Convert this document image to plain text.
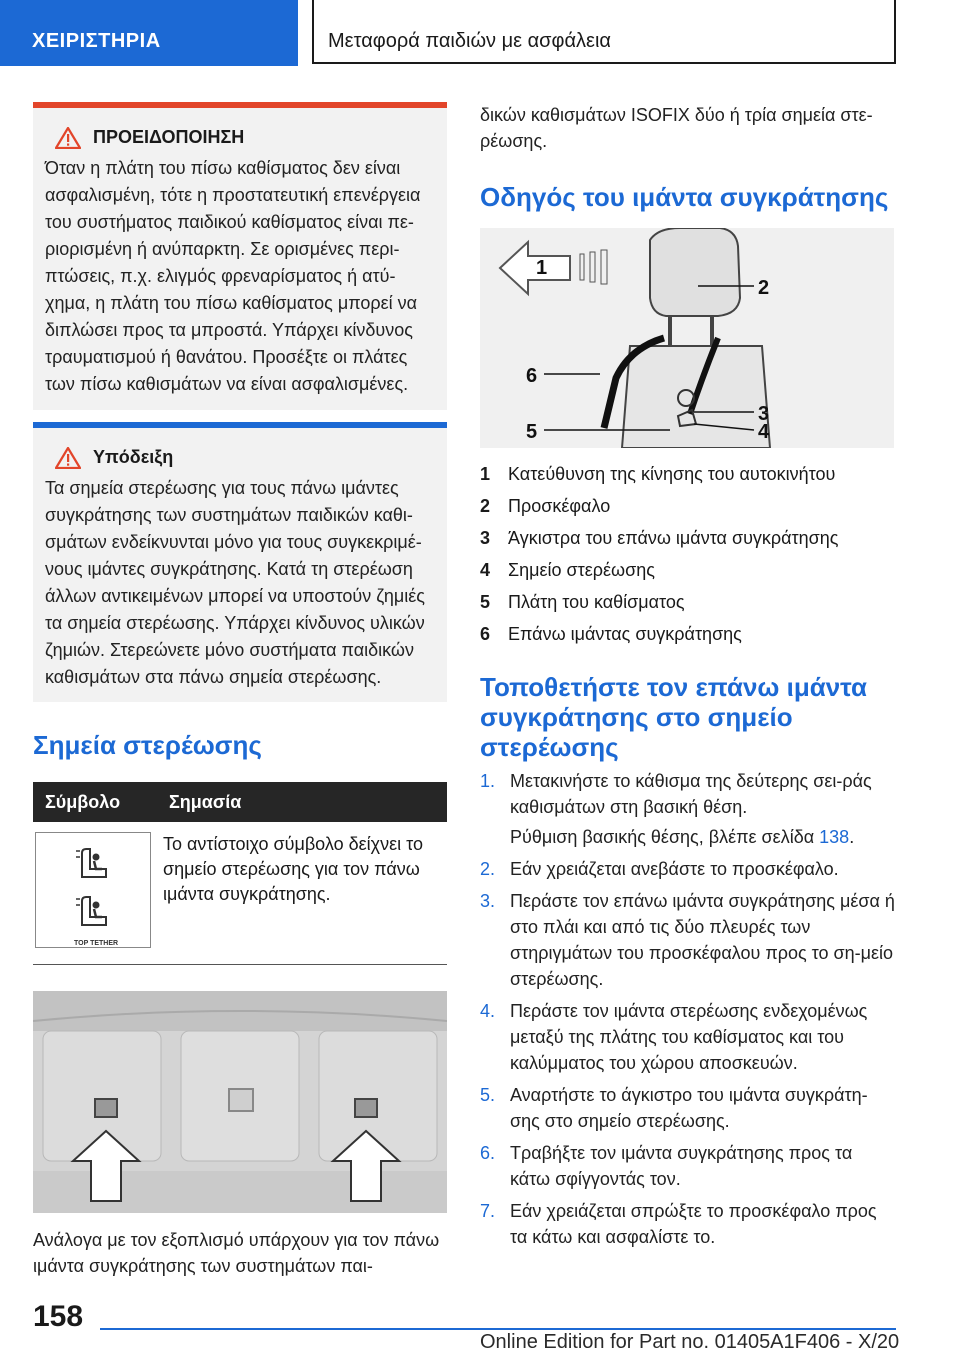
ΧΕΙΡΙΣΤΗΡΙΑ	Μεταφορά παιδιών με ασφάλεια
ΠΡΟΕΙΔΟΠΟΙΗΣΗ

Όταν η πλάτη του πίσω καθίσματος δεν είναι ασφαλισμένη, τότε η προστατευτική επενέργεια του συστήματος παιδικού καθίσματος είναι πε-ριορισμένη ή ανύπαρκτη. Σε ορισμένες περι-πτώσεις, π.χ. ελιγμός φρεναρίσματος ή ατύ-χημα, η πλάτη του πίσω καθίσματος μπορεί να διπλώσει προς τα μπροστά. Υπάρχει κίνδυνος τραυματισμού ή θανάτου. Προσέξτε οι πλάτες των πίσω καθισμάτων να είναι ασφαλισμένες.

Υπόδειξη

Τα σημεία στερέωσης για τους πάνω ιμάντες συγκράτησης των συστημάτων παιδικών καθι-σμάτων ενδείκνυνται μόνο για τους συγκεκριμέ-νους ιμάντες συγκράτησης. Κατά τη στερέωση άλλων αντικειμένων μπορεί να υποστούν ζημιές τα σημεία στερέωσης. Υπάρχει κίνδυνος υλικών ζημιών. Στερεώνετε μόνο συστήματα παιδικών καθισμάτων στα πάνω σημεία στερέωσης.

Σημεία στερέωσης
Σύμβολο	Σημασία

TOP TETHER	Το αντίστοιχο σύμβολο δείχνει το σημείο στερέωσης για τον πάνω ιμάντα συγκράτησης.

Ανάλογα με τον εξοπλισμό υπάρχουν για τον πάνω ιμάντα συγκράτησης των συστημάτων παι-

δικών καθισμάτων ISOFIX δύο ή τρία σημεία στε-ρέωσης.

Οδηγός του ιμάντα συγκράτησης
1
2
3
4
5
6
1 Κατεύθυνση της κίνησης του αυτοκινήτου
2 Προσκέφαλο
3 Άγκιστρα του επάνω ιμάντα συγκράτησης
4 Σημείο στερέωσης
5 Πλάτη του καθίσματος
6 Επάνω ιμάντας συγκράτησης
Τοποθετήστε τον επάνω ιμάντα συγκράτησης στο σημείο στερέωσης
1. Μετακινήστε το κάθισμα της δεύτερης σει-ράς καθισμάτων στη βασική θέση.
Ρύθμιση βασικής θέσης, βλέπε σελίδα 138.
2. Εάν χρειάζεται ανεβάστε το προσκέφαλο.
3. Περάστε τον επάνω ιμάντα συγκράτησης μέσα ή στο πλάι και από τις δύο πλευρές των στηριγμάτων του προσκέφαλου προς το ση-μείο στερέωσης.
4. Περάστε τον ιμάντα στερέωσης ενδεχομένως μεταξύ της πλάτης του καθίσματος και του καλύμματος του χώρου αποσκευών.
5. Αναρτήστε το άγκιστρο του ιμάντα συγκράτη-σης στο σημείο στερέωσης.
6. Τραβήξτε τον ιμάντα συγκράτησης προς τα κάτω σφίγγοντάς τον.
7. Εάν χρειάζεται σπρώξτε το προσκέφαλο προς τα κάτω και ασφαλίστε το.
158
Online Edition for Part no. 01405A1F406 - X/20
